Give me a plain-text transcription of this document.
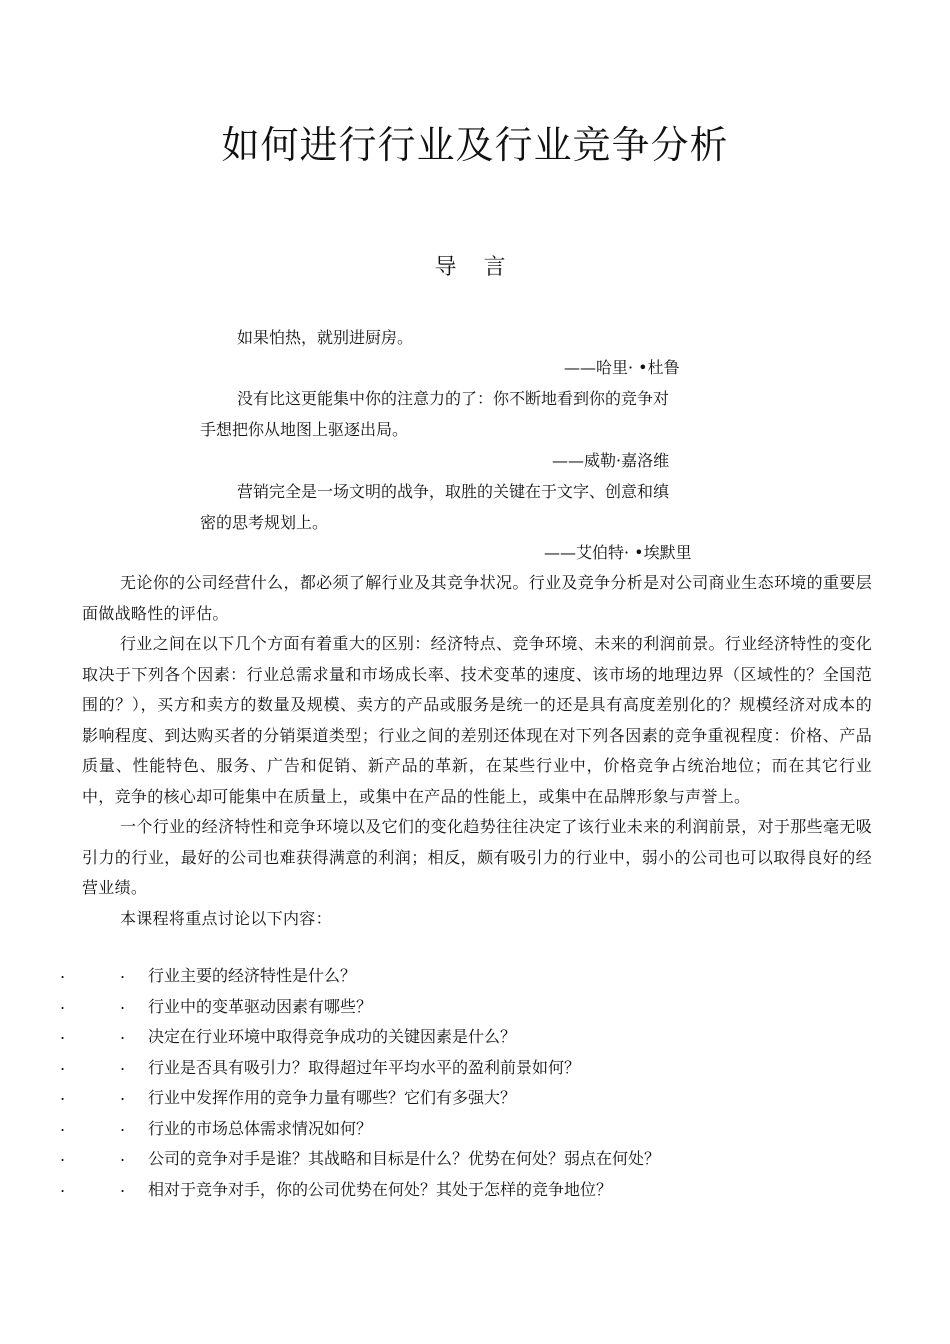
如何进行行业及行业竞争分析
导 言
如果怕热，就别进厨房。
——哈里· •杜鲁
没有比这更能集中你的注意力的了：你不断地看到你的竞争对
手想把你从地图上驱逐出局。
——威勒·嘉洛维
营销完全是一场文明的战争，取胜的关键在于文字、创意和缜
密的思考规划上。
——艾伯特· •埃默里

无论你的公司经营什么，都必须了解行业及其竞争状况。行业及竞争分析是对公司商业生态环境的重要层面做战略性的评估。

行业之间在以下几个方面有着重大的区别：经济特点、竞争环境、未来的利润前景。行业经济特性的变化取决于下列各个因素：行业总需求量和市场成长率、技术变革的速度、该市场的地理边界（区域性的？全国范围的？），买方和卖方的数量及规模、卖方的产品或服务是统一的还是具有高度差别化的？规模经济对成本的影响程度、到达购买者的分销渠道类型；行业之间的差别还体现在对下列各因素的竞争重视程度：价格、产品质量、性能特色、服务、广告和促销、新产品的革新，在某些行业中，价格竞争占统治地位；而在其它行业中，竞争的核心却可能集中在质量上，或集中在产品的性能上，或集中在品牌形象与声誉上。

一个行业的经济特性和竞争环境以及它们的变化趋势往往决定了该行业未来的利润前景，对于那些毫无吸引力的行业，最好的公司也难获得满意的利润；相反，颇有吸引力的行业中，弱小的公司也可以取得良好的经营业绩。

本课程将重点讨论以下内容：

.	. 行业主要的经济特性是什么？
.	. 行业中的变革驱动因素有哪些？
.	. 决定在行业环境中取得竞争成功的关键因素是什么？
.	. 行业是否具有吸引力？取得超过年平均水平的盈利前景如何？
.	. 行业中发挥作用的竞争力量有哪些？它们有多强大？
.	. 行业的市场总体需求情况如何？
.	. 公司的竞争对手是谁？其战略和目标是什么？优势在何处？弱点在何处？
.	. 相对于竞争对手，你的公司优势在何处？其处于怎样的竞争地位？
